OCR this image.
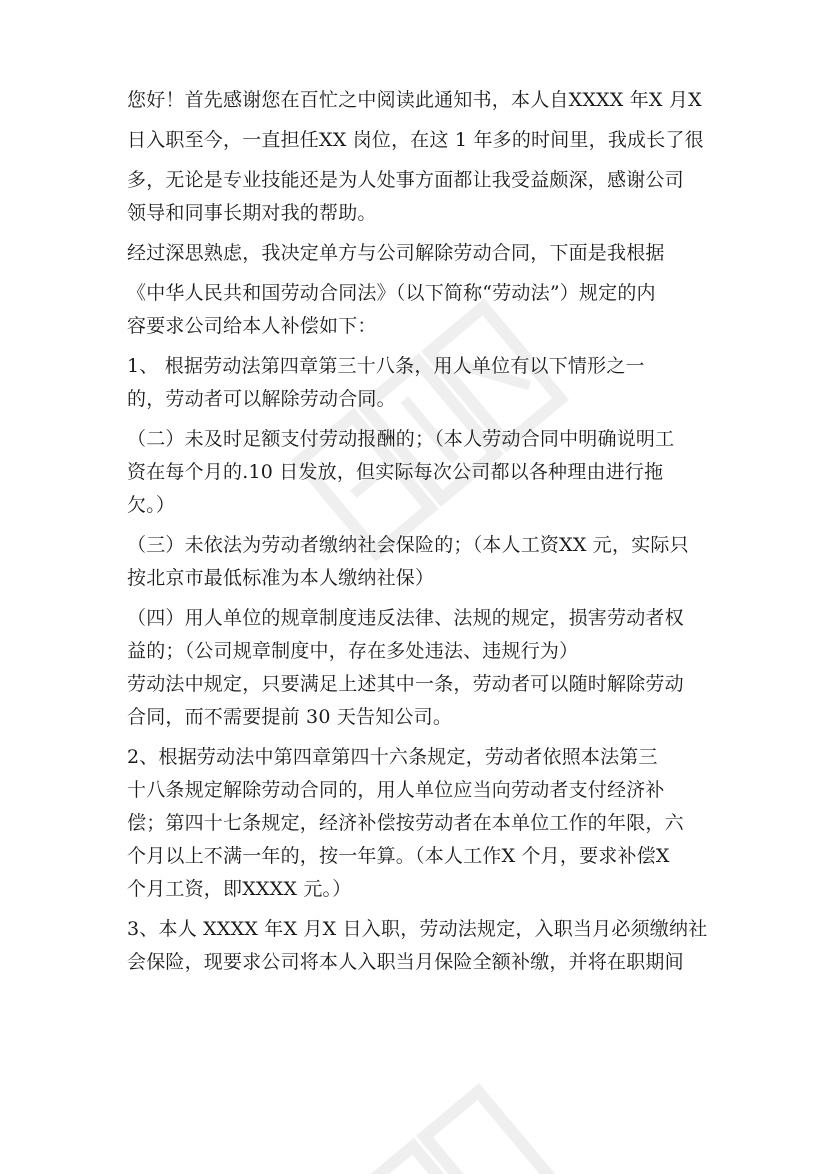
您好！首先感谢您在百忙之中阅读此通知书，本人自XXXX 年X 月X
日入职至今，一直担任XX 岗位，在这 1 年多的时间里，我成长了很
多，无论是专业技能还是为人处事方面都让我受益颇深，感谢公司
领导和同事长期对我的帮助。
经过深思熟虑，我决定单方与公司解除劳动合同，下面是我根据
《中华人民共和国劳动合同法》（以下简称“劳动法”）规定的内
容要求公司给本人补偿如下：
1、 根据劳动法第四章第三十八条，用人单位有以下情形之一
的，劳动者可以解除劳动合同。
（二）未及时足额支付劳动报酬的；（本人劳动合同中明确说明工
资在每个月的.10 日发放，但实际每次公司都以各种理由进行拖
欠。）
（三）未依法为劳动者缴纳社会保险的；（本人工资XX 元，实际只
按北京市最低标准为本人缴纳社保）
（四）用人单位的规章制度违反法律、法规的规定，损害劳动者权
益的；（公司规章制度中，存在多处违法、违规行为）
劳动法中规定，只要满足上述其中一条，劳动者可以随时解除劳动
合同，而不需要提前 30 天告知公司。
2、根据劳动法中第四章第四十六条规定，劳动者依照本法第三
十八条规定解除劳动合同的，用人单位应当向劳动者支付经济补
偿；第四十七条规定，经济补偿按劳动者在本单位工作的年限，六
个月以上不满一年的，按一年算。（本人工作X 个月，要求补偿X
个月工资，即XXXX 元。）
3、本人 XXXX 年X 月X 日入职，劳动法规定，入职当月必须缴纳社
会保险，现要求公司将本人入职当月保险全额补缴，并将在职期间
